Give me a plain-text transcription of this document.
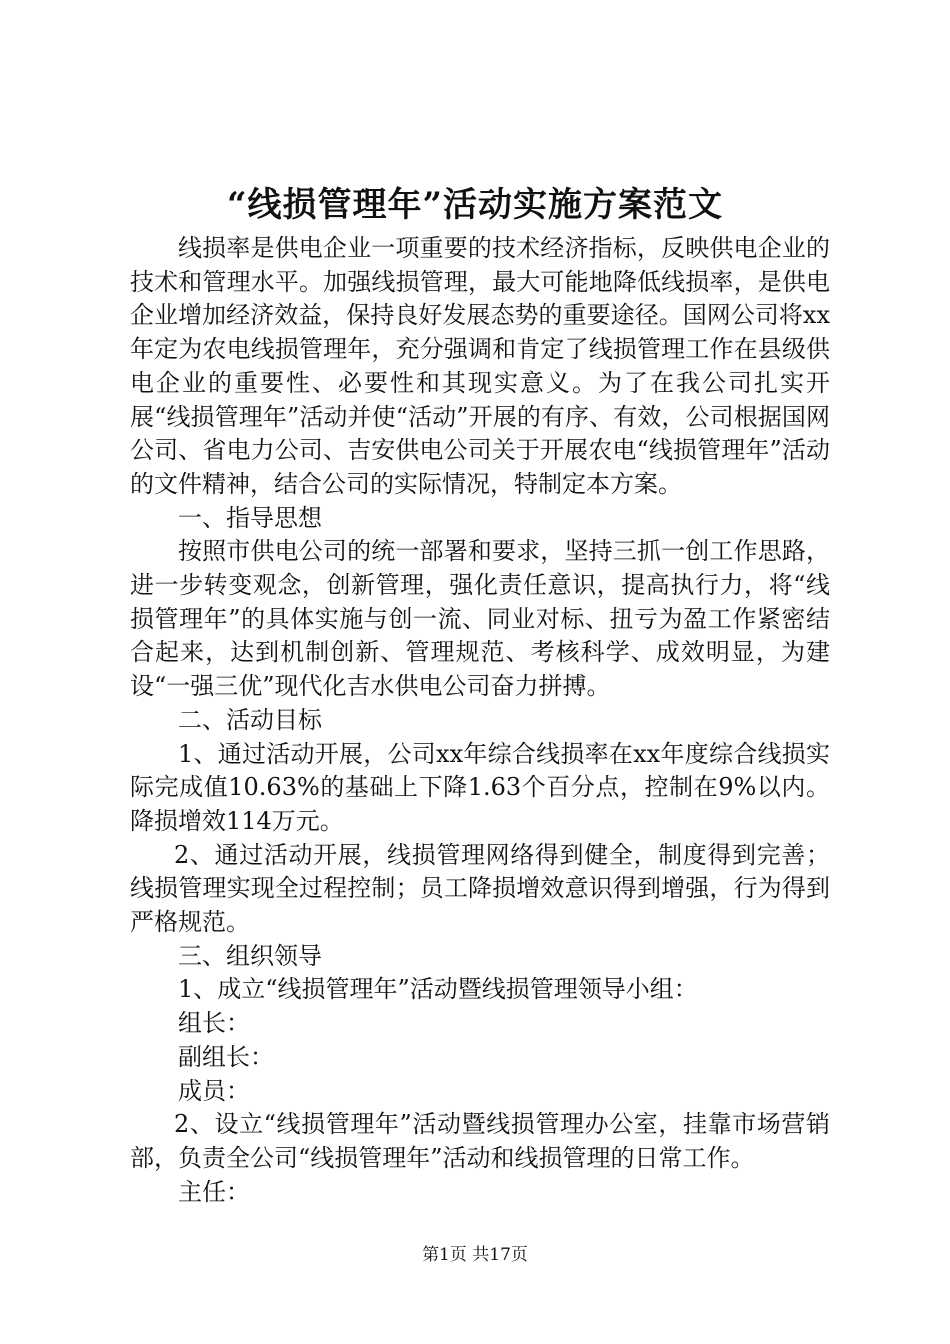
“线损管理年”活动实施方案范文

线损率是供电企业一项重要的技术经济指标，反映供电企业的技术和管理水平。加强线损管理，最大可能地降低线损率，是供电企业增加经济效益，保持良好发展态势的重要途径。国网公司将xx年定为农电线损管理年，充分强调和肯定了线损管理工作在县级供电企业的重要性、必要性和其现实意义。为了在我公司扎实开展“线损管理年”活动并使“活动”开展的有序、有效，公司根据国网公司、省电力公司、吉安供电公司关于开展农电“线损管理年”活动的文件精神，结合公司的实际情况，特制定本方案。

一、指导思想

按照市供电公司的统一部署和要求，坚持三抓一创工作思路，进一步转变观念，创新管理，强化责任意识，提高执行力，将“线损管理年”的具体实施与创一流、同业对标、扭亏为盈工作紧密结合起来，达到机制创新、管理规范、考核科学、成效明显，为建设“一强三优”现代化吉水供电公司奋力拼搏。

二、活动目标

1、通过活动开展，公司xx年综合线损率在xx年度综合线损实际完成值10.63%的基础上下降1.63个百分点，控制在9%以内。降损增效114万元。

2、通过活动开展，线损管理网络得到健全，制度得到完善；线损管理实现全过程控制；员工降损增效意识得到增强，行为得到严格规范。

三、组织领导

1、成立“线损管理年”活动暨线损管理领导小组：

组长：

副组长：

成员：

2、设立“线损管理年”活动暨线损管理办公室，挂靠市场营销部，负责全公司“线损管理年”活动和线损管理的日常工作。

主任：

第1页 共17页
